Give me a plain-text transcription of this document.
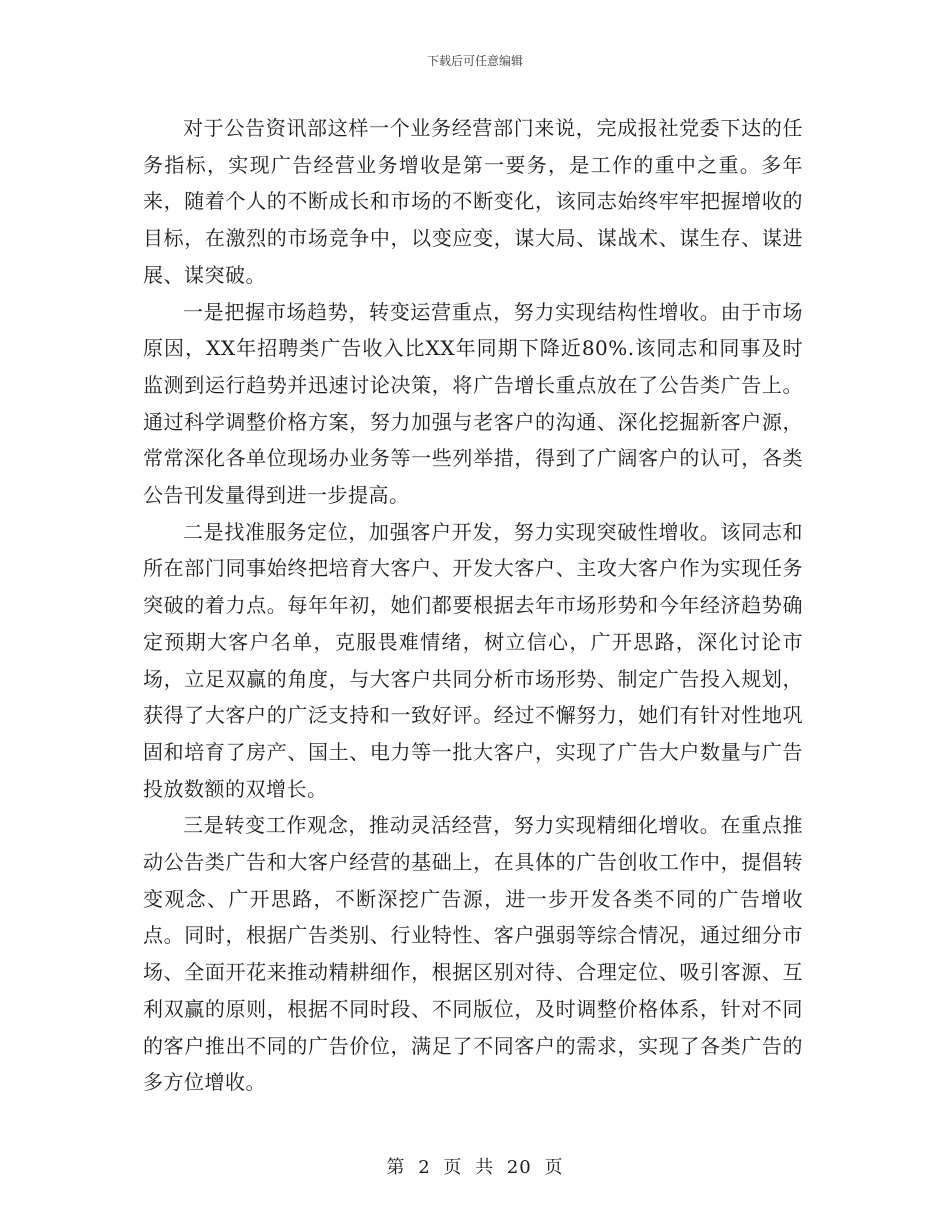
下载后可任意编辑

对于公告资讯部这样一个业务经营部门来说，完成报社党委下达的任务指标，实现广告经营业务增收是第一要务，是工作的重中之重。多年来，随着个人的不断成长和市场的不断变化，该同志始终牢牢把握增收的目标，在激烈的市场竞争中，以变应变，谋大局、谋战术、谋生存、谋进展、谋突破。

一是把握市场趋势，转变运营重点，努力实现结构性增收。由于市场原因，XX年招聘类广告收入比XX年同期下降近80%.该同志和同事及时监测到运行趋势并迅速讨论决策，将广告增长重点放在了公告类广告上。通过科学调整价格方案，努力加强与老客户的沟通、深化挖掘新客户源，常常深化各单位现场办业务等一些列举措，得到了广阔客户的认可，各类公告刊发量得到进一步提高。

二是找准服务定位，加强客户开发，努力实现突破性增收。该同志和所在部门同事始终把培育大客户、开发大客户、主攻大客户作为实现任务突破的着力点。每年年初，她们都要根据去年市场形势和今年经济趋势确定预期大客户名单，克服畏难情绪，树立信心，广开思路，深化讨论市场，立足双赢的角度，与大客户共同分析市场形势、制定广告投入规划，获得了大客户的广泛支持和一致好评。经过不懈努力，她们有针对性地巩固和培育了房产、国土、电力等一批大客户，实现了广告大户数量与广告投放数额的双增长。

三是转变工作观念，推动灵活经营，努力实现精细化增收。在重点推动公告类广告和大客户经营的基础上，在具体的广告创收工作中，提倡转变观念、广开思路，不断深挖广告源，进一步开发各类不同的广告增收点。同时，根据广告类别、行业特性、客户强弱等综合情况，通过细分市场、全面开花来推动精耕细作，根据区别对待、合理定位、吸引客源、互利双赢的原则，根据不同时段、不同版位，及时调整价格体系，针对不同的客户推出不同的广告价位，满足了不同客户的需求，实现了各类广告的多方位增收。

第 2 页 共 20 页
